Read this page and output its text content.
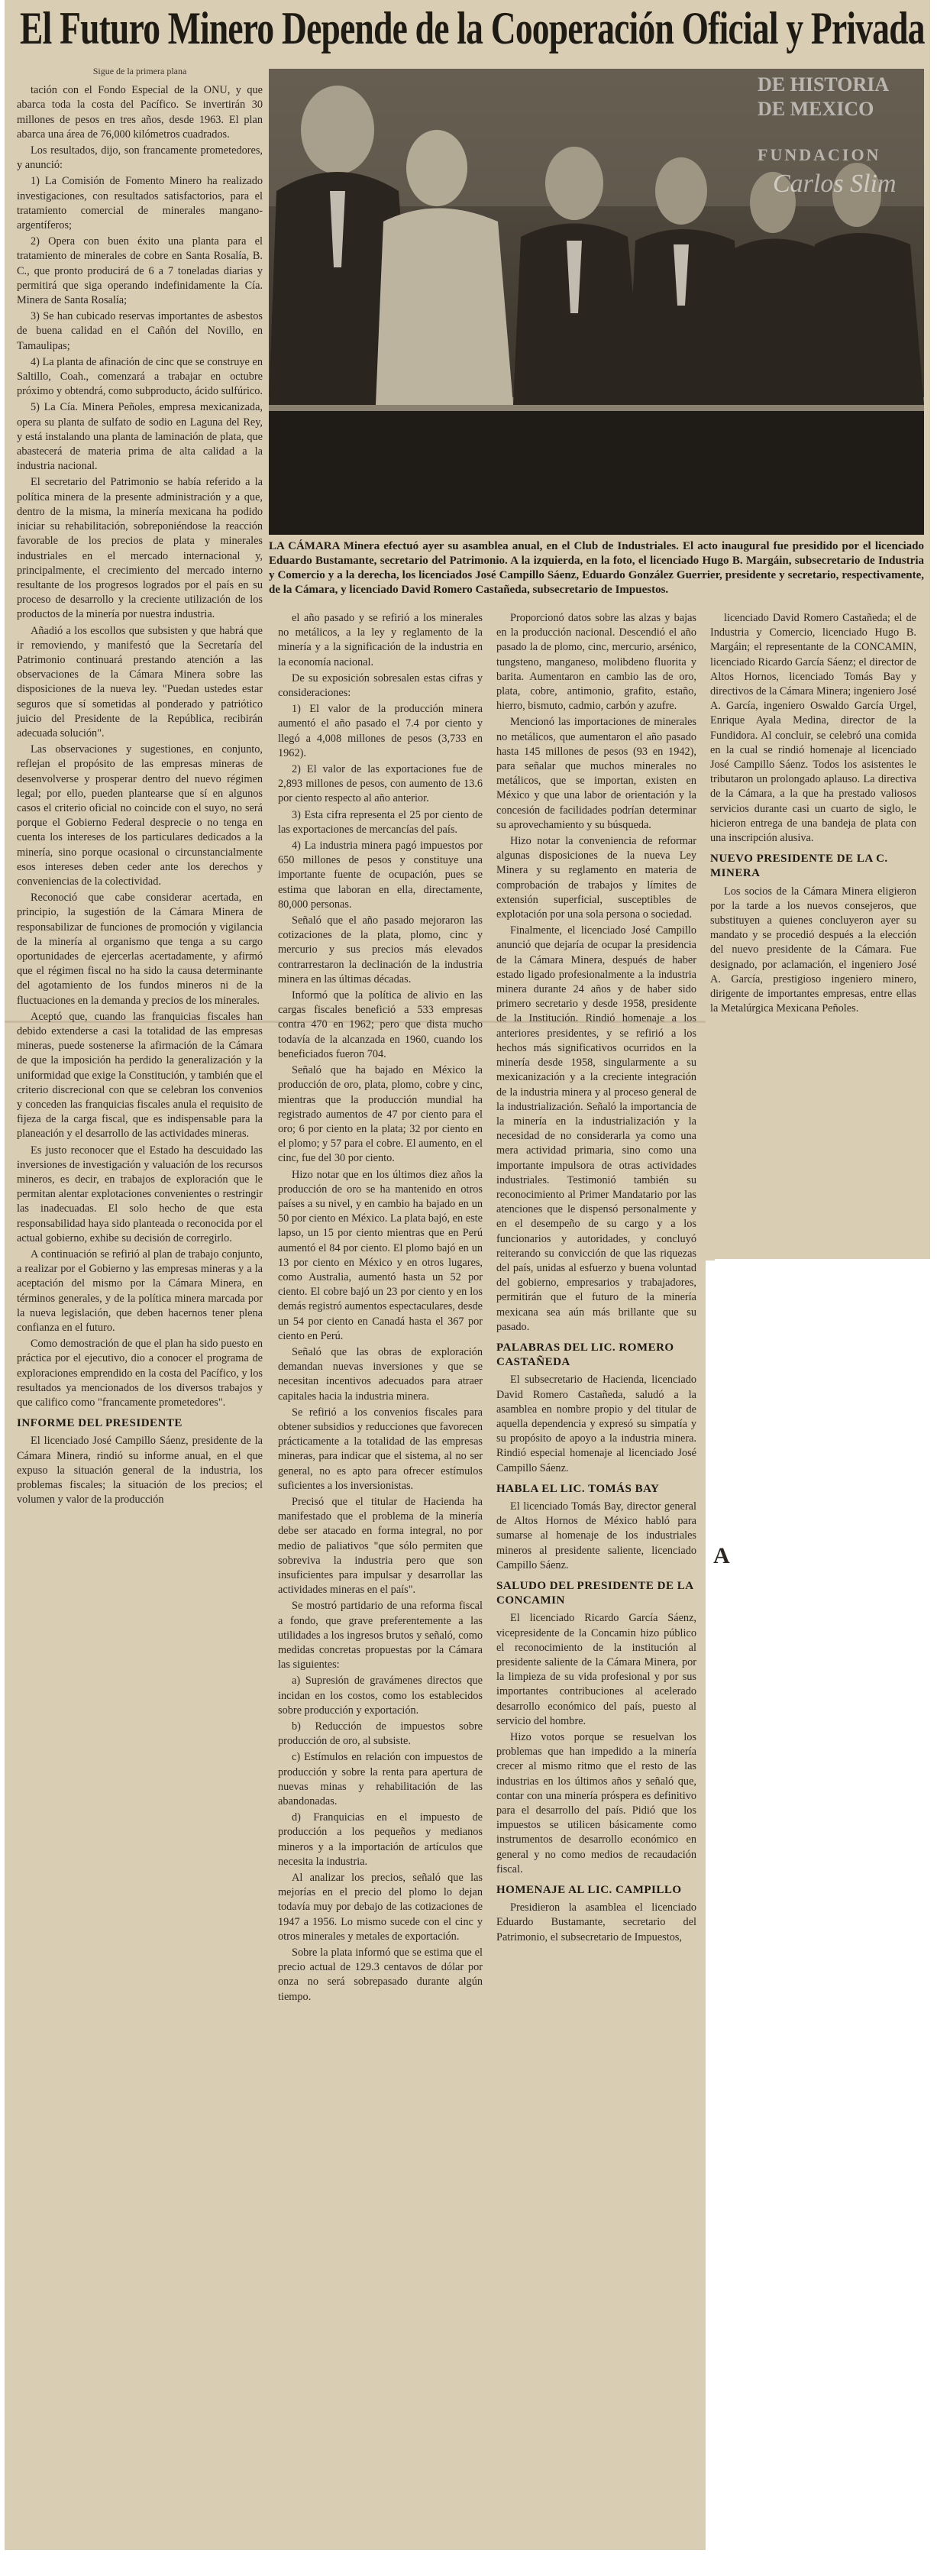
El Futuro Minero Depende de la Cooperación Oficial y Privada
DE HISTORIA
DE MEXICO
FUNDACION
Carlos Slim
LA CÁMARA Minera efectuó ayer su asamblea anual, en el Club de Industriales. El acto inaugural fue presidido por el licenciado Eduardo Bustamante, secretario del Patrimonio. A la izquierda, en la foto, el licenciado Hugo B. Margáin, subsecretario de Industria y Comercio y a la derecha, los licenciados José Campillo Sáenz, Eduardo González Guerrier, presidente y secretario, respectivamente, de la Cámara, y licenciado David Romero Castañeda, subsecretario de Impuestos.
Sigue de la primera plana

tación con el Fondo Especial de la ONU, y que abarca toda la costa del Pacífico. Se invertirán 30 millones de pesos en tres años, desde 1963. El plan abarca una área de 76,000 kilómetros cuadrados.

Los resultados, dijo, son francamente prometedores, y anunció:

1) La Comisión de Fomento Minero ha realizado investigaciones, con resultados satisfactorios, para el tratamiento comercial de minerales mangano-argentíferos;

2) Opera con buen éxito una planta para el tratamiento de minerales de cobre en Santa Rosalía, B. C., que pronto producirá de 6 a 7 toneladas diarias y permitirá que siga operando indefinidamente la Cía. Minera de Santa Rosalía;

3) Se han cubicado reservas importantes de asbestos de buena calidad en el Cañón del Novillo, en Tamaulipas;

4) La planta de afinación de cinc que se construye en Saltillo, Coah., comenzará a trabajar en octubre próximo y obtendrá, como subproducto, ácido sulfúrico.

5) La Cía. Minera Peñoles, empresa mexicanizada, opera su planta de sulfato de sodio en Laguna del Rey, y está instalando una planta de laminación de plata, que abastecerá de materia prima de alta calidad a la industria nacional.

El secretario del Patrimonio se había referido a la política minera de la presente administración y a que, dentro de la misma, la minería mexicana ha podido iniciar su rehabilitación, sobreponiéndose la reacción favorable de los precios de plata y minerales industriales en el mercado internacional y, principalmente, el crecimiento del mercado interno resultante de los progresos logrados por el país en su proceso de desarrollo y la creciente utilización de los productos de la minería por nuestra industria.

Añadió a los escollos que subsisten y que habrá que ir removiendo, y manifestó que la Secretaría del Patrimonio continuará prestando atención a las observaciones de la Cámara Minera sobre las disposiciones de la nueva ley. "Puedan ustedes estar seguros que sí sometidas al ponderado y patriótico juicio del Presidente de la República, recibirán adecuada solución".

Las observaciones y sugestiones, en conjunto, reflejan el propósito de las empresas mineras de desenvolverse y prosperar dentro del nuevo régimen legal; por ello, pueden plantearse que sí en algunos casos el criterio oficial no coincide con el suyo, no será porque el Gobierno Federal desprecie o no tenga en cuenta los intereses de los particulares dedicados a la minería, sino porque ocasional o circunstancialmente esos intereses deben ceder ante los derechos y conveniencias de la colectividad.

Reconoció que cabe considerar acertada, en principio, la sugestión de la Cámara Minera de responsabilizar de funciones de promoción y vigilancia de la minería al organismo que tenga a su cargo oportunidades de ejercerlas acertadamente, y afirmó que el régimen fiscal no ha sido la causa determinante del agotamiento de los fundos mineros ni de la fluctuaciones en la demanda y precios de los minerales.

Aceptó que, cuando las franquicias fiscales han debido extenderse a casi la totalidad de las empresas mineras, puede sostenerse la afirmación de la Cámara de que la imposición ha perdido la generalización y la uniformidad que exige la Constitución, y también que el criterio discrecional con que se celebran los convenios y conceden las franquicias fiscales anula el requisito de fijeza de la carga fiscal, que es indispensable para la planeación y el desarrollo de las actividades mineras.

Es justo reconocer que el Estado ha descuidado las inversiones de investigación y valuación de los recursos mineros, es decir, en trabajos de exploración que le permitan alentar explotaciones convenientes o restringir las inadecuadas. El solo hecho de que esta responsabilidad haya sido planteada o reconocida por el actual gobierno, exhibe su decisión de corregirlo.

A continuación se refirió al plan de trabajo conjunto, a realizar por el Gobierno y las empresas mineras y a la aceptación del mismo por la Cámara Minera, en términos generales, y de la política minera marcada por la nueva legislación, que deben hacernos tener plena confianza en el futuro.

Como demostración de que el plan ha sido puesto en práctica por el ejecutivo, dio a conocer el programa de exploraciones emprendido en la costa del Pacífico, y los resultados ya mencionados de los diversos trabajos y que califico como "francamente prometedores".

INFORME DEL PRESIDENTE

El licenciado José Campillo Sáenz, presidente de la Cámara Minera, rindió su informe anual, en el que expuso la situación general de la industria, los problemas fiscales; la situación de los precios; el volumen y valor de la producción

el año pasado y se refirió a los minerales no metálicos, a la ley y reglamento de la minería y a la significación de la industria en la economía nacional.

De su exposición sobresalen estas cifras y consideraciones:

1) El valor de la producción minera aumentó el año pasado el 7.4 por ciento y llegó a 4,008 millones de pesos (3,733 en 1962).

2) El valor de las exportaciones fue de 2,893 millones de pesos, con aumento de 13.6 por ciento respecto al año anterior.

3) Esta cifra representa el 25 por ciento de las exportaciones de mercancías del país.

4) La industria minera pagó impuestos por 650 millones de pesos y constituye una importante fuente de ocupación, pues se estima que laboran en ella, directamente, 80,000 personas.

Señaló que el año pasado mejoraron las cotizaciones de la plata, plomo, cinc y mercurio y sus precios más elevados contrarrestaron la declinación de la industria minera en las últimas décadas.

Informó que la política de alivio en las cargas fiscales benefició a 533 empresas contra 470 en 1962; pero que dista mucho todavía de la alcanzada en 1960, cuando los beneficiados fueron 704.

Señaló que ha bajado en México la producción de oro, plata, plomo, cobre y cinc, mientras que la producción mundial ha registrado aumentos de 47 por ciento para el oro; 6 por ciento en la plata; 32 por ciento en el plomo; y 57 para el cobre. El aumento, en el cinc, fue del 30 por ciento.

Hizo notar que en los últimos diez años la producción de oro se ha mantenido en otros países a su nivel, y en cambio ha bajado en un 50 por ciento en México. La plata bajó, en este lapso, un 15 por ciento mientras que en Perú aumentó el 84 por ciento. El plomo bajó en un 13 por ciento en México y en otros lugares, como Australia, aumentó hasta un 52 por ciento. El cobre bajó un 23 por ciento y en los demás registró aumentos espectaculares, desde un 54 por ciento en Canadá hasta el 367 por ciento en Perú.

Señaló que las obras de exploración demandan nuevas inversiones y que se necesitan incentivos adecuados para atraer capitales hacia la industria minera.

Se refirió a los convenios fiscales para obtener subsidios y reducciones que favorecen prácticamente a la totalidad de las empresas mineras, para indicar que el sistema, al no ser general, no es apto para ofrecer estímulos suficientes a los inversionistas.

Precisó que el titular de Hacienda ha manifestado que el problema de la minería debe ser atacado en forma integral, no por medio de paliativos "que sólo permiten que sobreviva la industria pero que son insuficientes para impulsar y desarrollar las actividades mineras en el país".

Se mostró partidario de una reforma fiscal a fondo, que grave preferentemente a las utilidades a los ingresos brutos y señaló, como medidas concretas propuestas por la Cámara las siguientes:

a) Supresión de gravámenes directos que incidan en los costos, como los establecidos sobre producción y exportación.

b) Reducción de impuestos sobre producción de oro, al subsiste.

c) Estímulos en relación con impuestos de producción y sobre la renta para apertura de nuevas minas y rehabilitación de las abandonadas.

d) Franquicias en el impuesto de producción a los pequeños y medianos mineros y a la importación de artículos que necesita la industria.

Al analizar los precios, señaló que las mejorías en el precio del plomo lo dejan todavía muy por debajo de las cotizaciones de 1947 a 1956. Lo mismo sucede con el cinc y otros minerales y metales de exportación.

Sobre la plata informó que se estima que el precio actual de 129.3 centavos de dólar por onza no será sobrepasado durante algún tiempo.

Proporcionó datos sobre las alzas y bajas en la producción nacional. Descendió el año pasado la de plomo, cinc, mercurio, arsénico, tungsteno, manganeso, molibdeno fluorita y barita. Aumentaron en cambio las de oro, plata, cobre, antimonio, grafito, estaño, hierro, bismuto, cadmio, carbón y azufre.

Mencionó las importaciones de minerales no metálicos, que aumentaron el año pasado hasta 145 millones de pesos (93 en 1942), para señalar que muchos minerales no metálicos, que se importan, existen en México y que una labor de orientación y la concesión de facilidades podrían determinar su aprovechamiento y su búsqueda.

Hizo notar la conveniencia de reformar algunas disposiciones de la nueva Ley Minera y su reglamento en materia de comprobación de trabajos y límites de extensión superficial, susceptibles de explotación por una sola persona o sociedad.

Finalmente, el licenciado José Campillo anunció que dejaría de ocupar la presidencia de la Cámara Minera, después de haber estado ligado profesionalmente a la industria minera durante 24 años y de haber sido primero secretario y desde 1958, presidente de la Institución. Rindió homenaje a los anteriores presidentes, y se refirió a los hechos más significativos ocurridos en la minería desde 1958, singularmente a su mexicanización y a la creciente integración de la industria minera y al proceso general de la industrialización. Señaló la importancia de la minería en la industrialización y la necesidad de no considerarla ya como una mera actividad primaria, sino como una importante impulsora de otras actividades industriales. Testimonió también su reconocimiento al Primer Mandatario por las atenciones que le dispensó personalmente y en el desempeño de su cargo y a los funcionarios y autoridades, y concluyó reiterando su convicción de que las riquezas del país, unidas al esfuerzo y buena voluntad del gobierno, empresarios y trabajadores, permitirán que el futuro de la minería mexicana sea aún más brillante que su pasado.

PALABRAS DEL LIC. ROMERO CASTAÑEDA

El subsecretario de Hacienda, licenciado David Romero Castañeda, saludó a la asamblea en nombre propio y del titular de aquella dependencia y expresó su simpatía y su propósito de apoyo a la industria minera. Rindió especial homenaje al licenciado José Campillo Sáenz.

HABLA EL LIC. TOMÁS BAY

El licenciado Tomás Bay, director general de Altos Hornos de México habló para sumarse al homenaje de los industriales mineros al presidente saliente, licenciado Campillo Sáenz.

SALUDO DEL PRESIDENTE DE LA CONCAMIN

El licenciado Ricardo García Sáenz, vicepresidente de la Concamin hizo público el reconocimiento de la institución al presidente saliente de la Cámara Minera, por la limpieza de su vida profesional y por sus importantes contribuciones al acelerado desarrollo económico del país, puesto al servicio del hombre.

Hizo votos porque se resuelvan los problemas que han impedido a la minería crecer al mismo ritmo que el resto de las industrias en los últimos años y señaló que, contar con una minería próspera es definitivo para el desarrollo del país. Pidió que los impuestos se utilicen básicamente como instrumentos de desarrollo económico en general y no como medios de recaudación fiscal.

HOMENAJE AL LIC. CAMPILLO

Presidieron la asamblea el licenciado Eduardo Bustamante, secretario del Patrimonio, el subsecretario de Impuestos,

licenciado David Romero Castañeda; el de Industria y Comercio, licenciado Hugo B. Margáin; el representante de la CONCAMIN, licenciado Ricardo García Sáenz; el director de Altos Hornos, licenciado Tomás Bay y directivos de la Cámara Minera; ingeniero José A. García, ingeniero Oswaldo García Urgel, Enrique Ayala Medina, director de la Fundidora. Al concluir, se celebró una comida en la cual se rindió homenaje al licenciado José Campillo Sáenz. Todos los asistentes le tributaron un prolongado aplauso. La directiva de la Cámara, a la que ha prestado valiosos servicios durante casi un cuarto de siglo, le hicieron entrega de una bandeja de plata con una inscripción alusiva.

NUEVO PRESIDENTE DE LA C. MINERA

Los socios de la Cámara Minera eligieron por la tarde a los nuevos consejeros, que substituyen a quienes concluyeron ayer su mandato y se procedió después a la elección del nuevo presidente de la Cámara. Fue designado, por aclamación, el ingeniero José A. García, prestigioso ingeniero minero, dirigente de importantes empresas, entre ellas la Metalúrgica Mexicana Peñoles.

A
